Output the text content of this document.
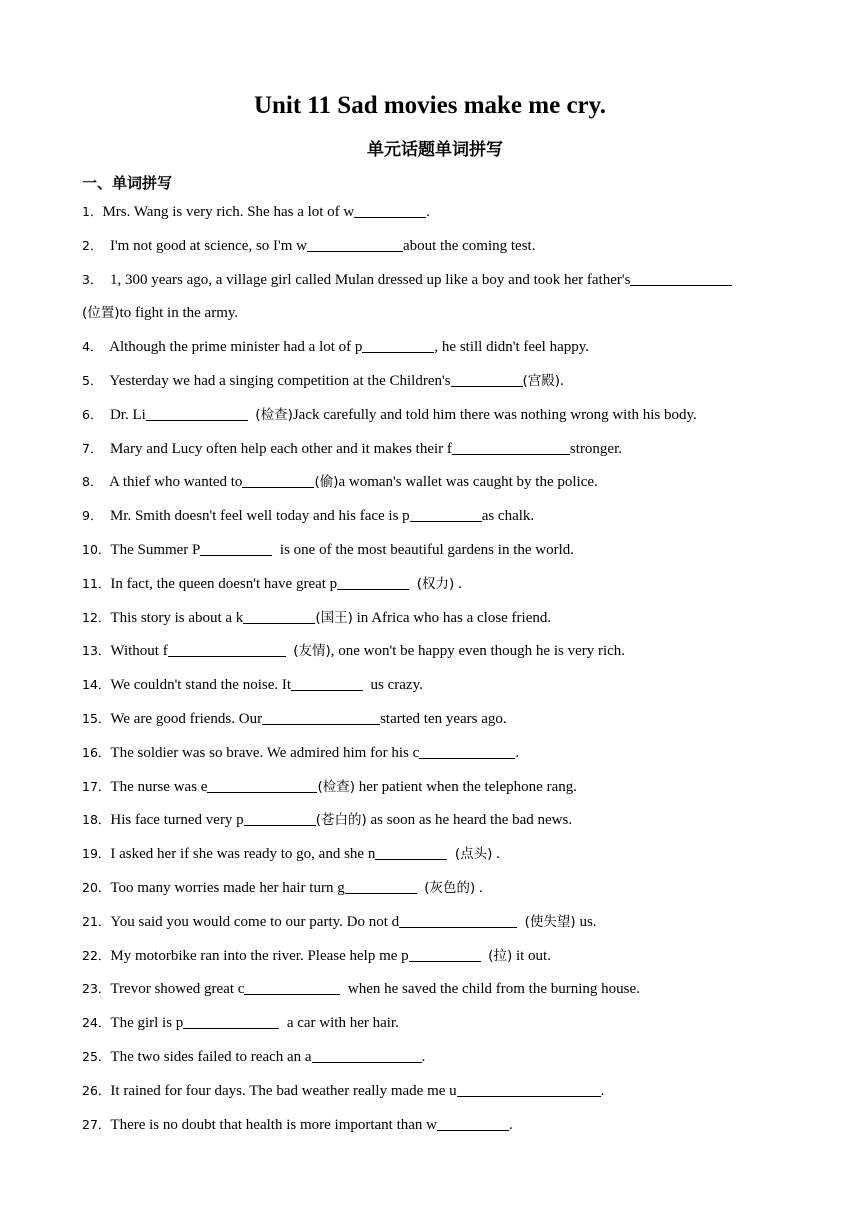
Unit 11 Sad movies make me cry.
单元话题单词拼写
一、单词拼写
1．Mrs. Wang is very rich. She has a lot of w	.
2．  I'm not good at science, so I'm w	about the coming test.
3．  1, 300 years ago, a village girl called Mulan dressed up like a boy and took her father's
(位置)to fight in the army.
4．  Although the prime minister had a lot of p	, he still didn't feel happy.
5．  Yesterday we had a singing competition at the Children's	(宫殿).
6．  Dr. Li	(检查)Jack carefully and told him there was nothing wrong with his body.
7．  Mary and Lucy often help each other and it makes their f	stronger.
8．  A thief who wanted to	(偷)a woman's wallet was caught by the police.
9．  Mr. Smith doesn't feel well today and his face is p	as chalk.
10．The Summer P	is one of the most beautiful gardens in the world.
11．In fact, the queen doesn't have great p	(权力) .
12．This story is about a k	(国王) in Africa who has a close friend.
13．Without f	(友情), one won't be happy even though he is very rich.
14．We couldn't stand the noise. It	us crazy.
15．We are good friends. Our	started ten years ago.
16．The soldier was so brave. We admired him for his c	.
17．The nurse was e	(检查) her patient when the telephone rang.
18．His face turned very p	(苍白的) as soon as he heard the bad news.
19．I asked her if she was ready to go, and she n	(点头) .
20．Too many worries made her hair turn g	(灰色的) .
21．You said you would come to our party. Do not d	(使失望) us.
22．My motorbike ran into the river. Please help me p	(拉) it out.
23．Trevor showed great c	when he saved the child from the burning house.
24．The girl is p	a car with her hair.
25．The two sides failed to reach an a	.
26．It rained for four days. The bad weather really made me u	.
27．There is no doubt that health is more important than w	.
